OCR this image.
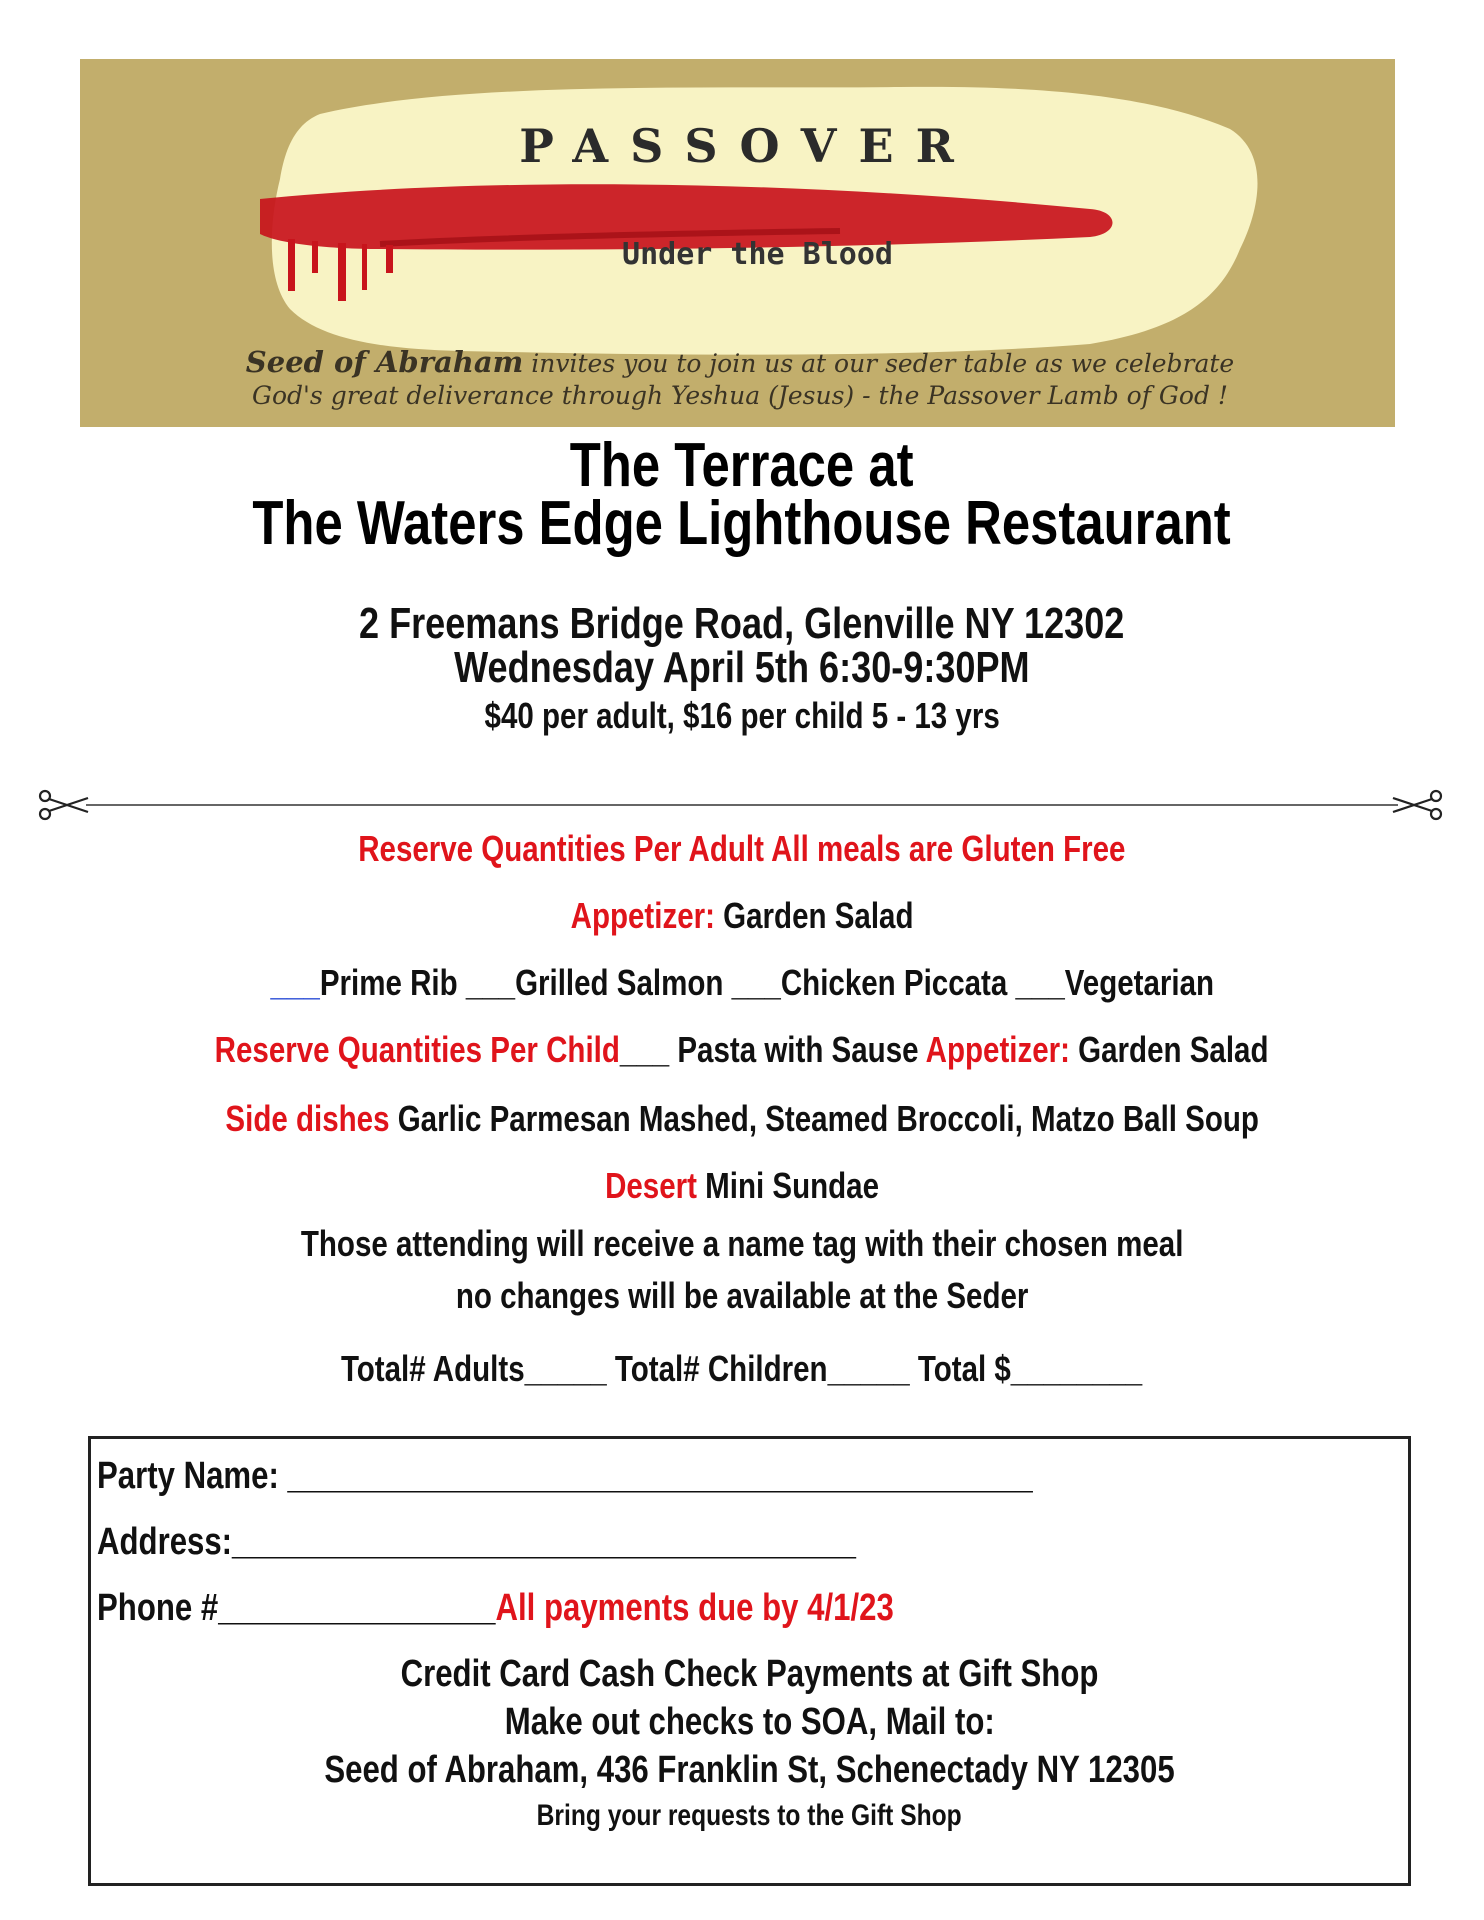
PASSOVER
Under the Blood
Seed of Abraham invites you to join us at our seder table as we celebrate
God's great deliverance through Yeshua (Jesus) - the Passover Lamb of God !
The Terrace at
The Waters Edge Lighthouse Restaurant
2 Freemans Bridge Road, Glenville NY 12302
Wednesday April 5th 6:30-9:30PM
$40 per adult, $16 per child 5 - 13 yrs
Reserve Quantities Per Adult All meals are Gluten Free
Appetizer: Garden Salad
___Prime Rib ___Grilled Salmon ___Chicken Piccata ___Vegetarian
Reserve Quantities Per Child___ Pasta with Sause Appetizer: Garden Salad
Side dishes Garlic Parmesan Mashed, Steamed Broccoli, Matzo Ball Soup
Desert Mini Sundae
Those attending will receive a name tag with their chosen meal
no changes will be available at the Seder
Total# Adults_____ Total# Children_____ Total $________
Party Name: ___________________________________________
Address:____________________________________
Phone #________________All payments due by 4/1/23
Credit Card Cash Check Payments at Gift Shop
Make out checks to SOA, Mail to:
Seed of Abraham, 436 Franklin St, Schenectady NY 12305
Bring your requests to the Gift Shop
